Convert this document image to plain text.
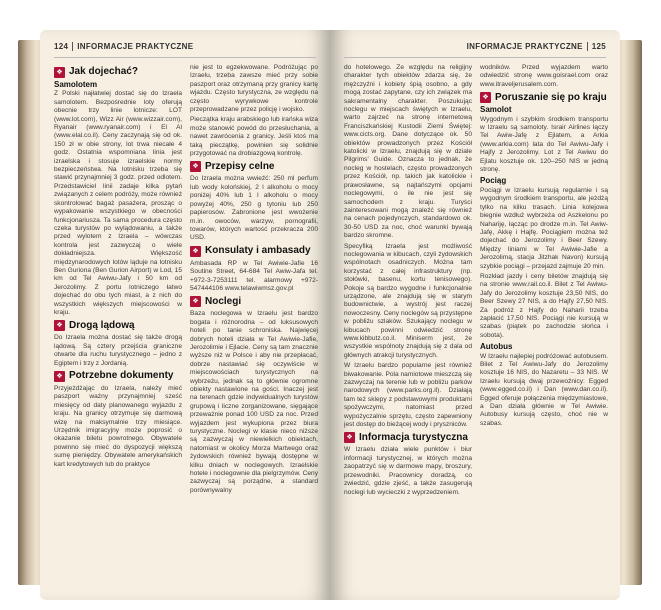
124 INFORMACJE PRAKTYCZNE
❖ Jak dojechać?
Samolotem

Z Polski najłatwiej dostać się do Izraela samolotem. Bezpośrednie loty oferują obecnie trzy linie lotnicze: LOT (www.lot.com), Wizz Air (www.wizzair.com), Ryanair (www.ryanair.com) i El Al (www.elal.co.il). Ceny zaczynają się od ok. 150 zł w obie strony, lot trwa niecałe 4 godz. Ostatnia wspomniana linia jest izraelska i stosuje izraelskie normy bezpieczeństwa. Na lotnisku trzeba się stawić przynajmniej 3 godz. przed odlotem. Przedstawiciel linii zadaje kilka pytań związanych z celem podróży, może również skontrolować bagaż pasażera, prosząc o wypakowanie wszystkiego w obecności funkcjonariusza. Ta sama procedura często czeka turystów po wylądowaniu, a także przed wylotem z Izraela – wówczas kontrola jest zazwyczaj o wiele dokładniejsza. Większość międzynarodowych lotów ląduje na lotnisku Ben Guriona (Ben Gurion Airport) w Lod, 15 km od Tel Awiwu-Jafy i 50 km od Jerozolimy. Z portu lotniczego łatwo dojechać do obu tych miast, a z nich do wszystkich większych miejscowości w kraju.

❖ Drogą lądową

Do Izraela można dostać się także drogą lądową. Są cztery przejścia graniczne otwarte dla ruchu turystycznego – jedno z Egiptem i trzy z Jordanią.

❖ Potrzebne dokumenty

Przyjeżdżając do Izraela, należy mieć paszport ważny przynajmniej sześć miesięcy od daty planowanego wyjazdu z kraju. Na granicy otrzymuje się darmową wizę na maksymalnie trzy miesiące. Urzędnik imigracyjny może poprosić o okazanie biletu powrotnego. Obywatele powinno się mieć do dyspozycji większą sumę pieniędzy. Obywatele amerykańskich kart kredytowych lub do praktyce

nie jest to egzekwowane. Podróżując po Izraelu, trzeba zawsze mieć przy sobie paszport oraz otrzymaną przy granicy kartę wjazdu. Często turystyczna, ze względu na często wyrywkowe kontrole przeprowadzane przez policję i wojsko.

Pieczątka kraju arabskiego lub irańska wiza może stanowić powód do przesłuchania, a nawet zawrócenia z granicy. Jeśli ktoś ma taką pieczątkę, powinien się solidnie przygotować na drobiazgową kontrolę.

❖ Przepisy celne

Do Izraela można wwieźć: 250 ml perfum lub wody kolońskiej, 2 l alkoholu o mocy poniżej 40% lub 1 l alkoholu o mocy powyżej 40%, 250 g tytoniu lub 250 papierosów. Zabronione jest wwożenie m.in. owoców, warzyw, pornografii, towarów, których wartość przekracza 200 USD.

❖ Konsulaty i ambasady

Ambasada RP w Tel Awiwie-Jafie 16 Soutine Street, 64-684 Tel Awiw-Jafa tel. +972-3-7253111 tel. alarmowy +972-547444106 www.telawiwmsz.gov.pl

❖ Noclegi

Baza noclegowa w Izraelu jest bardzo bogata i różnorodna – od luksusowych hoteli po tanie schroniska. Najwięcej dobrych hoteli działa w Tel Awiwie-Jafie, Jerozolimie i Ejlacie. Ceny są tam znacznie wyższe niż w Polsce i aby nie przepłacać, dobrze nastawiać się oczywiście w miejscowościach turystycznych na wybrzeżu, jednak są to głównie ogromne obiekty nastawione na gości. Inaczej jest na terenach gdzie indywidualnych turystów grupową i liczne zorganizowane, sięgające przeważnie ponad 100 USD za noc. Przed wyjazdem jest wykupiona przez biura turystyczne. Noclegi w klasie nieco niższe są zazwyczaj w niewielkich obiektach, natomiast w okolicy Morza Martwego oraz żydowskich również bywają dostępne w kilku dniach w noclegowych. Izraelskie hotele i noclegownie dla pielgrzymów. Ceny zazwyczaj są porządne, a standard porównywalny

INFORMACJE PRAKTYCZNE 125

do hotelowego. Ze względu na religijny charakter tych obiektów zdarza się, że mężczyźni i kobiety śpią osobno, a gdy mogą zostać zapytane, czy ich związek ma sakramentalny charakter. Poszukując noclegu w miejscach świętych w Izraelu, warto zajrzeć na stronę internetową Franciszkańskiej Kustodii Ziemi Świętej: www.cicts.org. Dane dotyczące ok. 50 obiektów prowadzonych przez Kościół katolicki w Izraelu, znajdują się w dziale Pilgrims' Guide. Oznacza to jednak, że nocleg w hostelach, często prowadzonych przez Kościół, np. takich jak katolickie i prawosławne, są najtańszymi opcjami noclegowymi, o ile nie jest się samochodem z kraju. Turyści zainteresowani mogą znaleźć się również na cenach pojedynczych, standardowo ok. 30-50 USD za noc, choć warunki bywają bardzo skromne.

Specyfiką Izraela jest możliwość noclegowania w kibucach, czyli żydowskich wspólnotach osadniczych. Można tam korzystać z całej infrastruktury (np. stołówki, basenu, kortu tenisowego). Pokoje są bardzo wygodne i funkcjonalnie urządzone, ale znajdują się w starym budownictwie, a wystrój jest raczej nowoczesny. Ceny noclegów są przystępne w pobliżu szlaków. Szukający noclegu w kibucach powinni odwiedzić stronę www.kibbutz.co.il. Miniserm jest, że wszystkie wspólnoty znajdują się z dala od głównych atrakcji turystycznych.

W Izraelu bardzo popularne jest również biwakowanie. Pola namiotowe mieszczą się zazwyczaj na terenie lub w pobliżu parków narodowych (www.parks.org.il). Działają tam też sklepy z podstawowymi produktami spożywczymi, natomiast przed wypożyczalnie sprzętu, często zapewniony jest dostęp do bieżącej wody i pryszniców.

❖ Informacja turystyczna

W Izraelu działa wiele punktów i biur informacji turystycznej, w których można zaopatrzyć się w darmowe mapy, broszury, przewodniki. Pracownicy doradzą, co zwiedzić, gdzie zjeść, a także zasugerują noclegi lub wycieczki z wyprzedzeniem.

wodników. Przed wyjazdem warto odwiedzić stronę www.goisrael.com oraz www.itraveljerusalem.com.

❖ Poruszanie się po kraju
Samolot

Wygodnym i szybkim środkiem transportu w Izraelu są samoloty. Israir Airlines łączy Tel Awiw-Jafę z Ejlatem, a Arkia (www.arkia.com) lata do Tel Awiwu-Jafy i Hajfy z Jerozolimy. Lot z Tel Awiwu do Ejlatu kosztuje ok. 120–250 NIS w jedną stronę.

Pociąg

Pociągi w Izraelu kursują regularnie i są wygodnym środkiem transportu, ale jeżdżą tylko na kilku trasach. Linia kolejowa biegnie wzdłuż wybrzeża od Aszkelonu po Nahariję, łącząc po drodze m.in. Tel Awiw-Jafę, Akkę i Hajfę. Pociągiem można też dojechać do Jerozolimy i Beer Szewy. Między liniami w Tel Awiwie-Jafie a Jerozolimą, stacja Jitzhak Navon) kursują szybkie pociągi – przejazd zajmuje 20 min.

Rozkład jazdy i ceny biletów znajdują się na stronie www.rail.co.il. Bilet z Tel Awiwu-Jafy do Jerozolimy kosztuje 23,50 NIS, do Beer Szewy 27 NIS, a do Hajfy 27,50 NIS. Za podróż z Hajfy do Naharii trzeba zapłacić 17,50 NIS. Pociągi nie kursują w szabas (piątek po zachodzie słońca i sobota).

Autobus

W Izraelu najlepiej podróżować autobusem. Bilet z Tel Awiwu-Jafy do Jerozolimy kosztuje 16 NIS, do Nazaretu – 33 NIS. W Izraelu kursują dwaj przewoźnicy: Egged (www.egged.co.il) i Dan (www.dan.co.il). Egged oferuje połączenia międzymiastowe, a Dan działa głównie w Tel Awiwie. Autobusy kursują często, choć nie w szabas.
